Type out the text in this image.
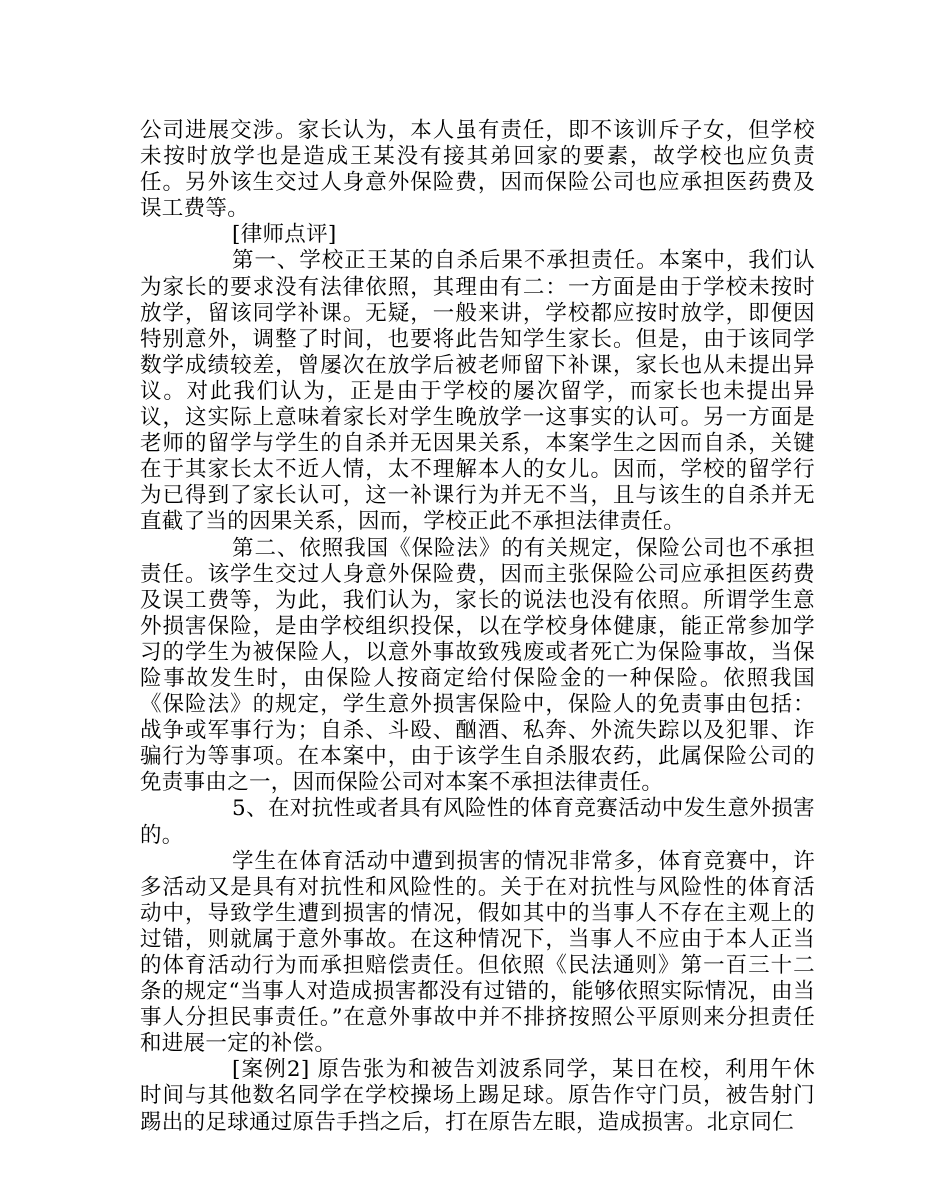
公司进展交涉。家长认为，本人虽有责任，即不该训斥子女，但学校未按时放学也是造成王某没有接其弟回家的要素，故学校也应负责任。另外该生交过人身意外保险费，因而保险公司也应承担医药费及误工费等。

[律师点评]

第一、学校正王某的自杀后果不承担责任。本案中，我们认为家长的要求没有法律依照，其理由有二：一方面是由于学校未按时放学，留该同学补课。无疑，一般来讲，学校都应按时放学，即便因特别意外，调整了时间，也要将此告知学生家长。但是，由于该同学数学成绩较差，曾屡次在放学后被老师留下补课，家长也从未提出异议。对此我们认为，正是由于学校的屡次留学，而家长也未提出异议，这实际上意味着家长对学生晚放学一这事实的认可。另一方面是老师的留学与学生的自杀并无因果关系，本案学生之因而自杀，关键在于其家长太不近人情，太不理解本人的女儿。因而，学校的留学行为已得到了家长认可，这一补课行为并无不当，且与该生的自杀并无直截了当的因果关系，因而，学校正此不承担法律责任。

第二、依照我国《保险法》的有关规定，保险公司也不承担责任。该学生交过人身意外保险费，因而主张保险公司应承担医药费及误工费等，为此，我们认为，家长的说法也没有依照。所谓学生意外损害保险，是由学校组织投保，以在学校身体健康，能正常参加学习的学生为被保险人，以意外事故致残废或者死亡为保险事故，当保险事故发生时，由保险人按商定给付保险金的一种保险。依照我国《保险法》的规定，学生意外损害保险中，保险人的免责事由包括：战争或军事行为；自杀、斗殴、酗酒、私奔、外流失踪以及犯罪、诈骗行为等事项。在本案中，由于该学生自杀服农药，此属保险公司的免责事由之一，因而保险公司对本案不承担法律责任。

5、在对抗性或者具有风险性的体育竞赛活动中发生意外损害的。

学生在体育活动中遭到损害的情况非常多，体育竞赛中，许多活动又是具有对抗性和风险性的。关于在对抗性与风险性的体育活动中，导致学生遭到损害的情况，假如其中的当事人不存在主观上的过错，则就属于意外事故。在这种情况下，当事人不应由于本人正当的体育活动行为而承担赔偿责任。但依照《民法通则》第一百三十二条的规定“当事人对造成损害都没有过错的，能够依照实际情况，由当事人分担民事责任。”在意外事故中并不排挤按照公平原则来分担责任和进展一定的补偿。

[案例2] 原告张为和被告刘波系同学，某日在校，利用午休时间与其他数名同学在学校操场上踢足球。原告作守门员，被告射门踢出的足球通过原告手挡之后，打在原告左眼，造成损害。北京同仁
